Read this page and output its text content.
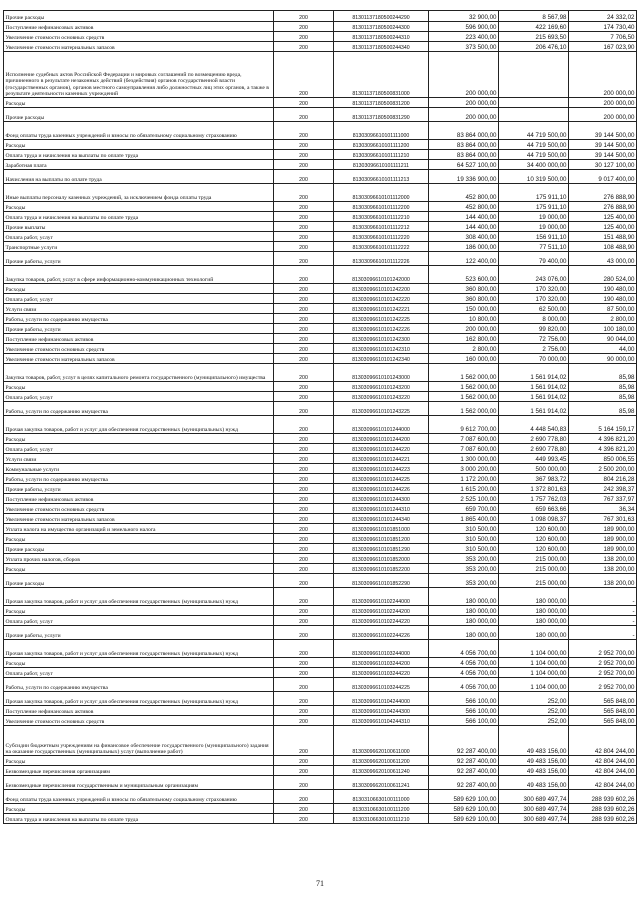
Прочие расходы	200	81301137180500244290	32 900,00	8 567,98	24 332,02
Поступление нефинансовых активов	200	81301137180500244300	596 900,00	422 169,60	174 730,40
Увеличение стоимости основных средств	200	81301137180500244310	223 400,00	215 693,50	7 706,50
Увеличение стоимости материальных запасов	200	81301137180500244340	373 500,00	206 476,10	167 023,90
Исполнение судебных актов Российской Федерации и мировых соглашений по возмещению вреда, причиненного в результате незаконных действий (бездействия) органов государственной власти (государственных органов), органов местного самоуправления либо должностных лиц этих органов, а также в результате деятельности казенных учреждений	200	81301137180500831000	200 000,00		200 000,00
Расходы	200	81301137180500831200	200 000,00		200 000,00
Прочие расходы	200	81301137180500831290	200 000,00		200 000,00
Фонд оплаты труда казенных учреждений и взносы по обязательному социальному страхованию	200	81303096610101111000	83 864 000,00	44 719 500,00	39 144 500,00
Расходы	200	81303096610101111200	83 864 000,00	44 719 500,00	39 144 500,00
Оплата труда и начисления на выплаты по оплате труда	200	81303096610101111210	83 864 000,00	44 719 500,00	39 144 500,00
Заработная плата	200	81303096610101111211	64 527 100,00	34 400 000,00	30 127 100,00
Начисления на выплаты по оплате труда	200	81303096610101111213	19 336 900,00	10 319 500,00	9 017 400,00
Иные выплаты персоналу казенных учреждений, за исключением фонда оплаты труда	200	81303096610101112000	452 800,00	175 911,10	276 888,90
Расходы	200	81303096610101112200	452 800,00	175 911,10	276 888,90
Оплата труда и начисления на выплаты по оплате труда	200	81303096610101112210	144 400,00	19 000,00	125 400,00
Прочие выплаты	200	81303096610101112212	144 400,00	19 000,00	125 400,00
Оплата работ, услуг	200	81303096610101112220	308 400,00	156 911,10	151 488,90
Транспортные услуги	200	81303096610101112222	186 000,00	77 511,10	108 488,90
Прочие работы, услуги	200	81303096610101112226	122 400,00	79 400,00	43 000,00
Закупка товаров, работ, услуг в сфере информационно-коммуникационных технологий	200	81303096610101242000	523 600,00	243 076,00	280 524,00
Расходы	200	81303096610101242200	360 800,00	170 320,00	190 480,00
Оплата работ, услуг	200	81303096610101242220	360 800,00	170 320,00	190 480,00
Услуги связи	200	81303096610101242221	150 000,00	62 500,00	87 500,00
Работы, услуги по содержанию имущества	200	81303096610101242225	10 800,00	8 000,00	2 800,00
Прочие работы, услуги	200	81303096610101242226	200 000,00	99 820,00	100 180,00
Поступление нефинансовых активов	200	81303096610101242300	162 800,00	72 756,00	90 044,00
Увеличение стоимости основных средств	200	81303096610101242310	2 800,00	2 756,00	44,00
Увеличение стоимости материальных запасов	200	81303096610101242340	160 000,00	70 000,00	90 000,00
Закупка товаров, работ, услуг в целях капитального ремонта государственного (муниципального) имущества	200	81303096610101243000	1 562 000,00	1 561 914,02	85,98
Расходы	200	81303096610101243200	1 562 000,00	1 561 914,02	85,98
Оплата работ, услуг	200	81303096610101243220	1 562 000,00	1 561 914,02	85,98
Работы, услуги по содержанию имущества	200	81303096610101243225	1 562 000,00	1 561 914,02	85,98
Прочая закупка товаров, работ и услуг для обеспечения государственных (муниципальных) нужд	200	81303096610101244000	9 612 700,00	4 448 540,83	5 164 159,17
Расходы	200	81303096610101244200	7 087 600,00	2 690 778,80	4 396 821,20
Оплата работ, услуг	200	81303096610101244220	7 087 600,00	2 690 778,80	4 396 821,20
Услуги связи	200	81303096610101244221	1 300 000,00	449 993,45	850 006,55
Коммунальные услуги	200	81303096610101244223	3 000 200,00	500 000,00	2 500 200,00
Работы, услуги по содержанию имущества	200	81303096610101244225	1 172 200,00	367 983,72	804 216,28
Прочие работы, услуги	200	81303096610101244226	1 615 200,00	1 372 801,63	242 398,37
Поступление нефинансовых активов	200	81303096610101244300	2 525 100,00	1 757 762,03	767 337,97
Увеличение стоимости основных средств	200	81303096610101244310	659 700,00	659 663,66	36,34
Увеличение стоимости материальных запасов	200	81303096610101244340	1 865 400,00	1 098 098,37	767 301,63
Уплата налога на имущество организаций и земельного налога	200	81303096610101851000	310 500,00	120 600,00	189 900,00
Расходы	200	81303096610101851200	310 500,00	120 600,00	189 900,00
Прочие расходы	200	81303096610101851290	310 500,00	120 600,00	189 900,00
Уплата прочих налогов, сборов	200	81303096610101852000	353 200,00	215 000,00	138 200,00
Расходы	200	81303096610101852200	353 200,00	215 000,00	138 200,00
Прочие расходы	200	81303096610101852290	353 200,00	215 000,00	138 200,00
Прочая закупка товаров, работ и услуг для обеспечения государственных (муниципальных) нужд	200	81303096610102244000	180 000,00	180 000,00	-
Расходы	200	81303096610102244200	180 000,00	180 000,00	-
Оплата работ, услуг	200	81303096610102244220	180 000,00	180 000,00	-
Прочие работы, услуги	200	81303096610102244226	180 000,00	180 000,00	-
Прочая закупка товаров, работ и услуг для обеспечения государственных (муниципальных) нужд	200	81303096610103244000	4 056 700,00	1 104 000,00	2 952 700,00
Расходы	200	81303096610103244200	4 056 700,00	1 104 000,00	2 952 700,00
Оплата работ, услуг	200	81303096610103244220	4 056 700,00	1 104 000,00	2 952 700,00
Работы, услуги по содержанию имущества	200	81303096610103244225	4 056 700,00	1 104 000,00	2 952 700,00
Прочая закупка товаров, работ и услуг для обеспечения государственных (муниципальных) нужд	200	81303096610104244000	566 100,00	252,00	565 848,00
Поступление нефинансовых активов	200	81303096610104244300	566 100,00	252,00	565 848,00
Увеличение стоимости основных средств	200	81303096610104244310	566 100,00	252,00	565 848,00
Субсидии бюджетным учреждениям на финансовое обеспечение государственного (муниципального) задания на оказание государственных (муниципальных) услуг (выполнение работ)	200	81303096620100611000	92 287 400,00	49 483 156,00	42 804 244,00
Расходы	200	81303096620100611200	92 287 400,00	49 483 156,00	42 804 244,00
Безвозмездные перечисления организациям	200	81303096620100611240	92 287 400,00	49 483 156,00	42 804 244,00
Безвозмездные перечисления государственным и муниципальным организациям	200	81303096620100611241	92 287 400,00	49 483 156,00	42 804 244,00
Фонд оплаты труда казенных учреждений и взносы по обязательному социальному страхованию	200	81303106630100111000	589 629 100,00	300 689 497,74	288 939 602,26
Расходы	200	81303106630100111200	589 629 100,00	300 689 497,74	288 939 602,26
Оплата труда и начисления на выплаты по оплате труда	200	81303106630100111210	589 629 100,00	300 689 497,74	288 939 602,26
71
